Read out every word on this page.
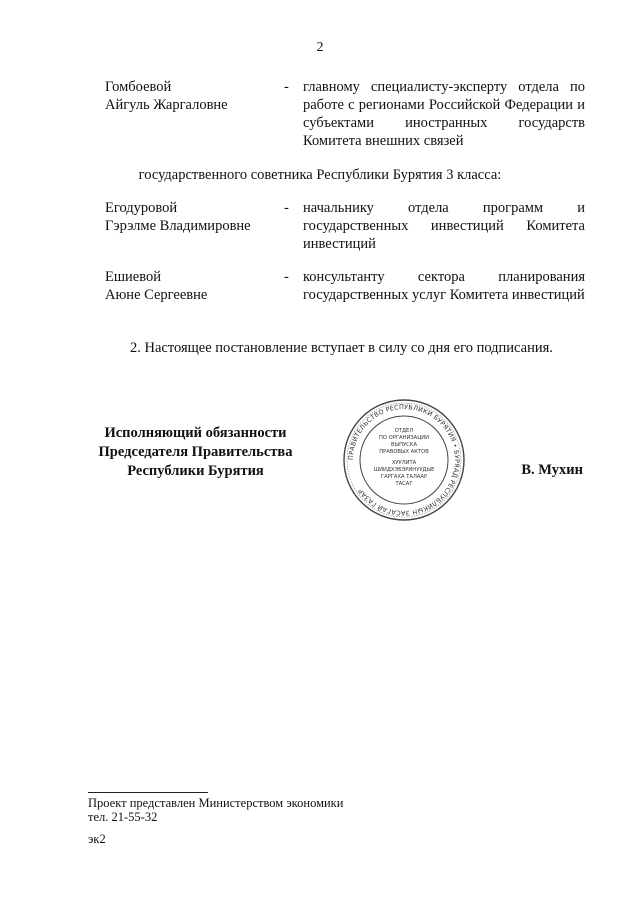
2
Гомбоевой
Айгуль Жаргаловне
- главному специалисту-эксперту отдела по работе с регионами Российской Федерации и субъектами иностранных государств Комитета внешних связей
государственного советника Республики Бурятия 3 класса:
Егодуровой
Гэрэлме Владимировне
- начальнику отдела программ и государственных инвестиций Комитета инвестиций
Ешиевой
Аюне Сергеевне
- консультанту сектора планирования государственных услуг Комитета инвестиций
2. Настоящее постановление вступает в силу со дня его подписания.
Исполняющий обязанности
Председателя Правительства
Республики Бурятия
ПРАВИТЕЛЬСТВО РЕСПУБЛИКИ БУРЯТИЯ • БУРЯАД РЕСПУБЛИКЫН ЗАСАГАЙ ГАЗАР
ОТДЕЛ
ПО ОРГАНИЗАЦИИ
ВЫПУСКА
ПРАВОВЫХ АКТОВ
ХУУЛИТА
ШИИДХЭБЭРИНУУДЫЕ
ГАРГАХА ТАЛААР
ТАСАГ
В. Мухин
Проект представлен Министерством экономики
тел. 21-55-32
эк2
